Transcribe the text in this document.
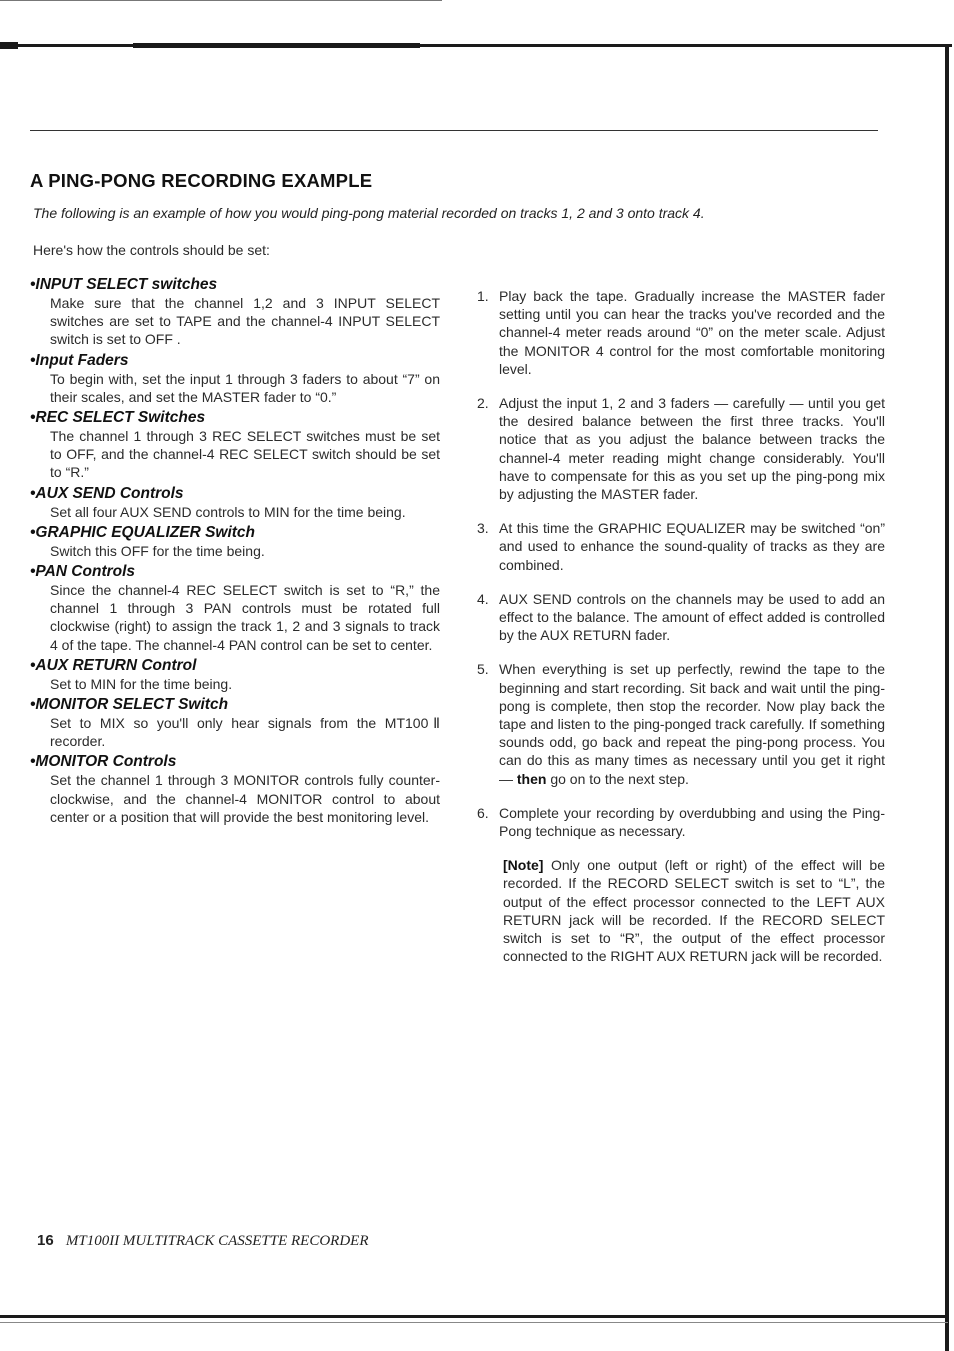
A PING-PONG RECORDING EXAMPLE
The following is an example of how you would ping-pong material recorded on tracks 1, 2 and 3 onto track 4.
Here's how the controls should be set:
•INPUT SELECT switches
Make sure that the channel 1,2 and 3 INPUT SELECT switches are set to TAPE and the channel-4 INPUT SELECT switch is set to OFF .
•Input Faders
To begin with, set the input 1 through 3 faders to about “7” on their scales, and set the MASTER fader to “0.”
•REC SELECT Switches
The channel 1 through 3 REC SELECT switches must be set to OFF, and the channel-4 REC SELECT switch should be set to “R.”
•AUX SEND Controls
Set all four AUX SEND controls to MIN for the time being.
•GRAPHIC EQUALIZER Switch
Switch this OFF for the time being.
•PAN Controls
Since the channel-4 REC SELECT switch is set to “R,” the channel 1 through 3 PAN controls must be rotated full clockwise (right) to assign the track 1, 2 and 3 signals to track 4 of the tape. The channel-4 PAN control can be set to center.
•AUX RETURN Control
Set to MIN for the time being.
•MONITOR SELECT Switch
Set to MIX so you'll only hear signals from the MT100Ⅱ recorder.
•MONITOR Controls
Set the channel 1 through 3 MONITOR controls fully counter-clockwise, and the channel-4 MONITOR control to about center or a position that will provide the best monitoring level.
1. Play back the tape. Gradually increase the MASTER fader setting until you can hear the tracks you've recorded and the channel-4 meter reads around “0” on the meter scale. Adjust the MONITOR 4 control for the most comfortable monitoring level.
2. Adjust the input 1, 2 and 3 faders — carefully — until you get the desired balance between the first three tracks. You'll notice that as you adjust the balance between tracks the channel-4 meter reading might change considerably. You'll have to compensate for this as you set up the ping-pong mix by adjusting the MASTER fader.
3. At this time the GRAPHIC EQUALIZER may be switched “on” and used to enhance the sound-quality of tracks as they are combined.
4. AUX SEND controls on the channels may be used to add an effect to the balance. The amount of effect added is controlled by the AUX RETURN fader.
5. When everything is set up perfectly, rewind the tape to the beginning and start recording. Sit back and wait until the ping-pong is complete, then stop the recorder. Now play back the tape and listen to the ping-ponged track carefully. If something sounds odd, go back and repeat the ping-pong process. You can do this as many times as necessary until you get it right — then go on to the next step.
6. Complete your recording by overdubbing and using the Ping-Pong technique as necessary.
[Note] Only one output (left or right) of the effect will be recorded. If the RECORD SELECT switch is set to “L”, the output of the effect processor connected to the LEFT AUX RETURN jack will be recorded. If the RECORD SELECT switch is set to “R”, the output of the effect processor connected to the RIGHT AUX RETURN jack will be recorded.
16 MT100II MULTITRACK CASSETTE RECORDER
